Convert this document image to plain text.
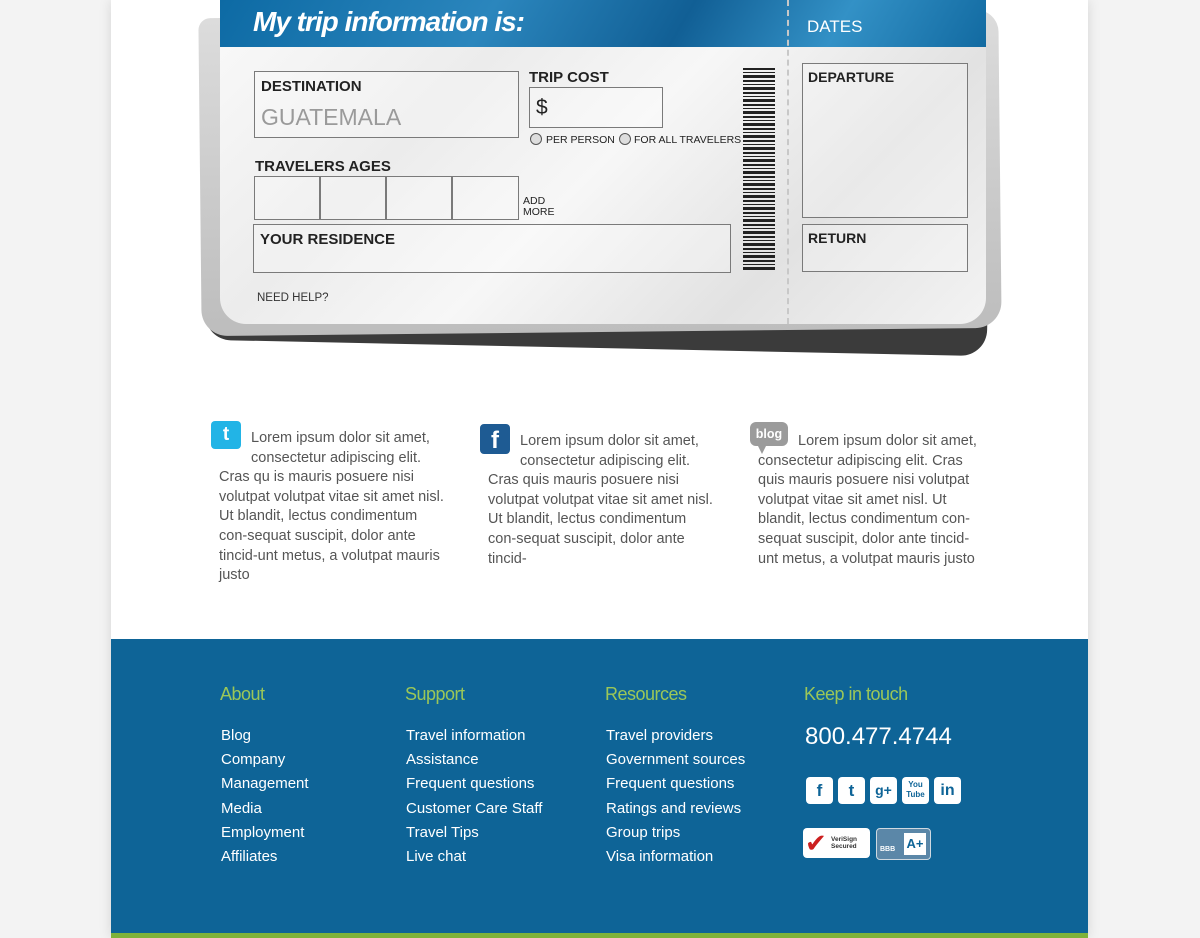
My trip information is:	DATES
DESTINATION
GUATEMALA
TRIP COST
$
PER PERSON FOR ALL TRAVELERS
TRAVELERS AGES
ADD
MORE
YOUR RESIDENCE
NEED HELP?
DEPARTURE
RETURN
t	Lorem ipsum dolor sit amet, consectetur adipiscing elit. Cras qu is mauris posuere nisi volutpat volutpat vitae sit amet nisl. Ut blandit, lectus condimentum con-sequat suscipit, dolor ante tincid-unt metus, a volutpat mauris justo
f	Lorem ipsum dolor sit amet, consectetur adipiscing elit. Cras quis mauris posuere nisi volutpat volutpat vitae sit amet nisl. Ut blandit, lectus condimentum con-sequat suscipit, dolor ante tincid-
blog	Lorem ipsum dolor sit amet, consectetur adipiscing elit. Cras quis mauris posuere nisi volutpat volutpat vitae sit amet nisl. Ut blandit, lectus condimentum con-sequat suscipit, dolor ante tincid-unt metus, a volutpat mauris justo
About
Blog
Company
Management
Media
Employment
Affiliates
Support
Travel information
Assistance
Frequent questions
Customer Care Staff
Travel Tips
Live chat
Resources
Travel providers
Government sources
Frequent questions
Ratings and reviews
Group trips
Visa information
Keep in touch
800.477.4744
f	t	g+	You
Tube in
✔ VeriSign
Secured	BBB A+
